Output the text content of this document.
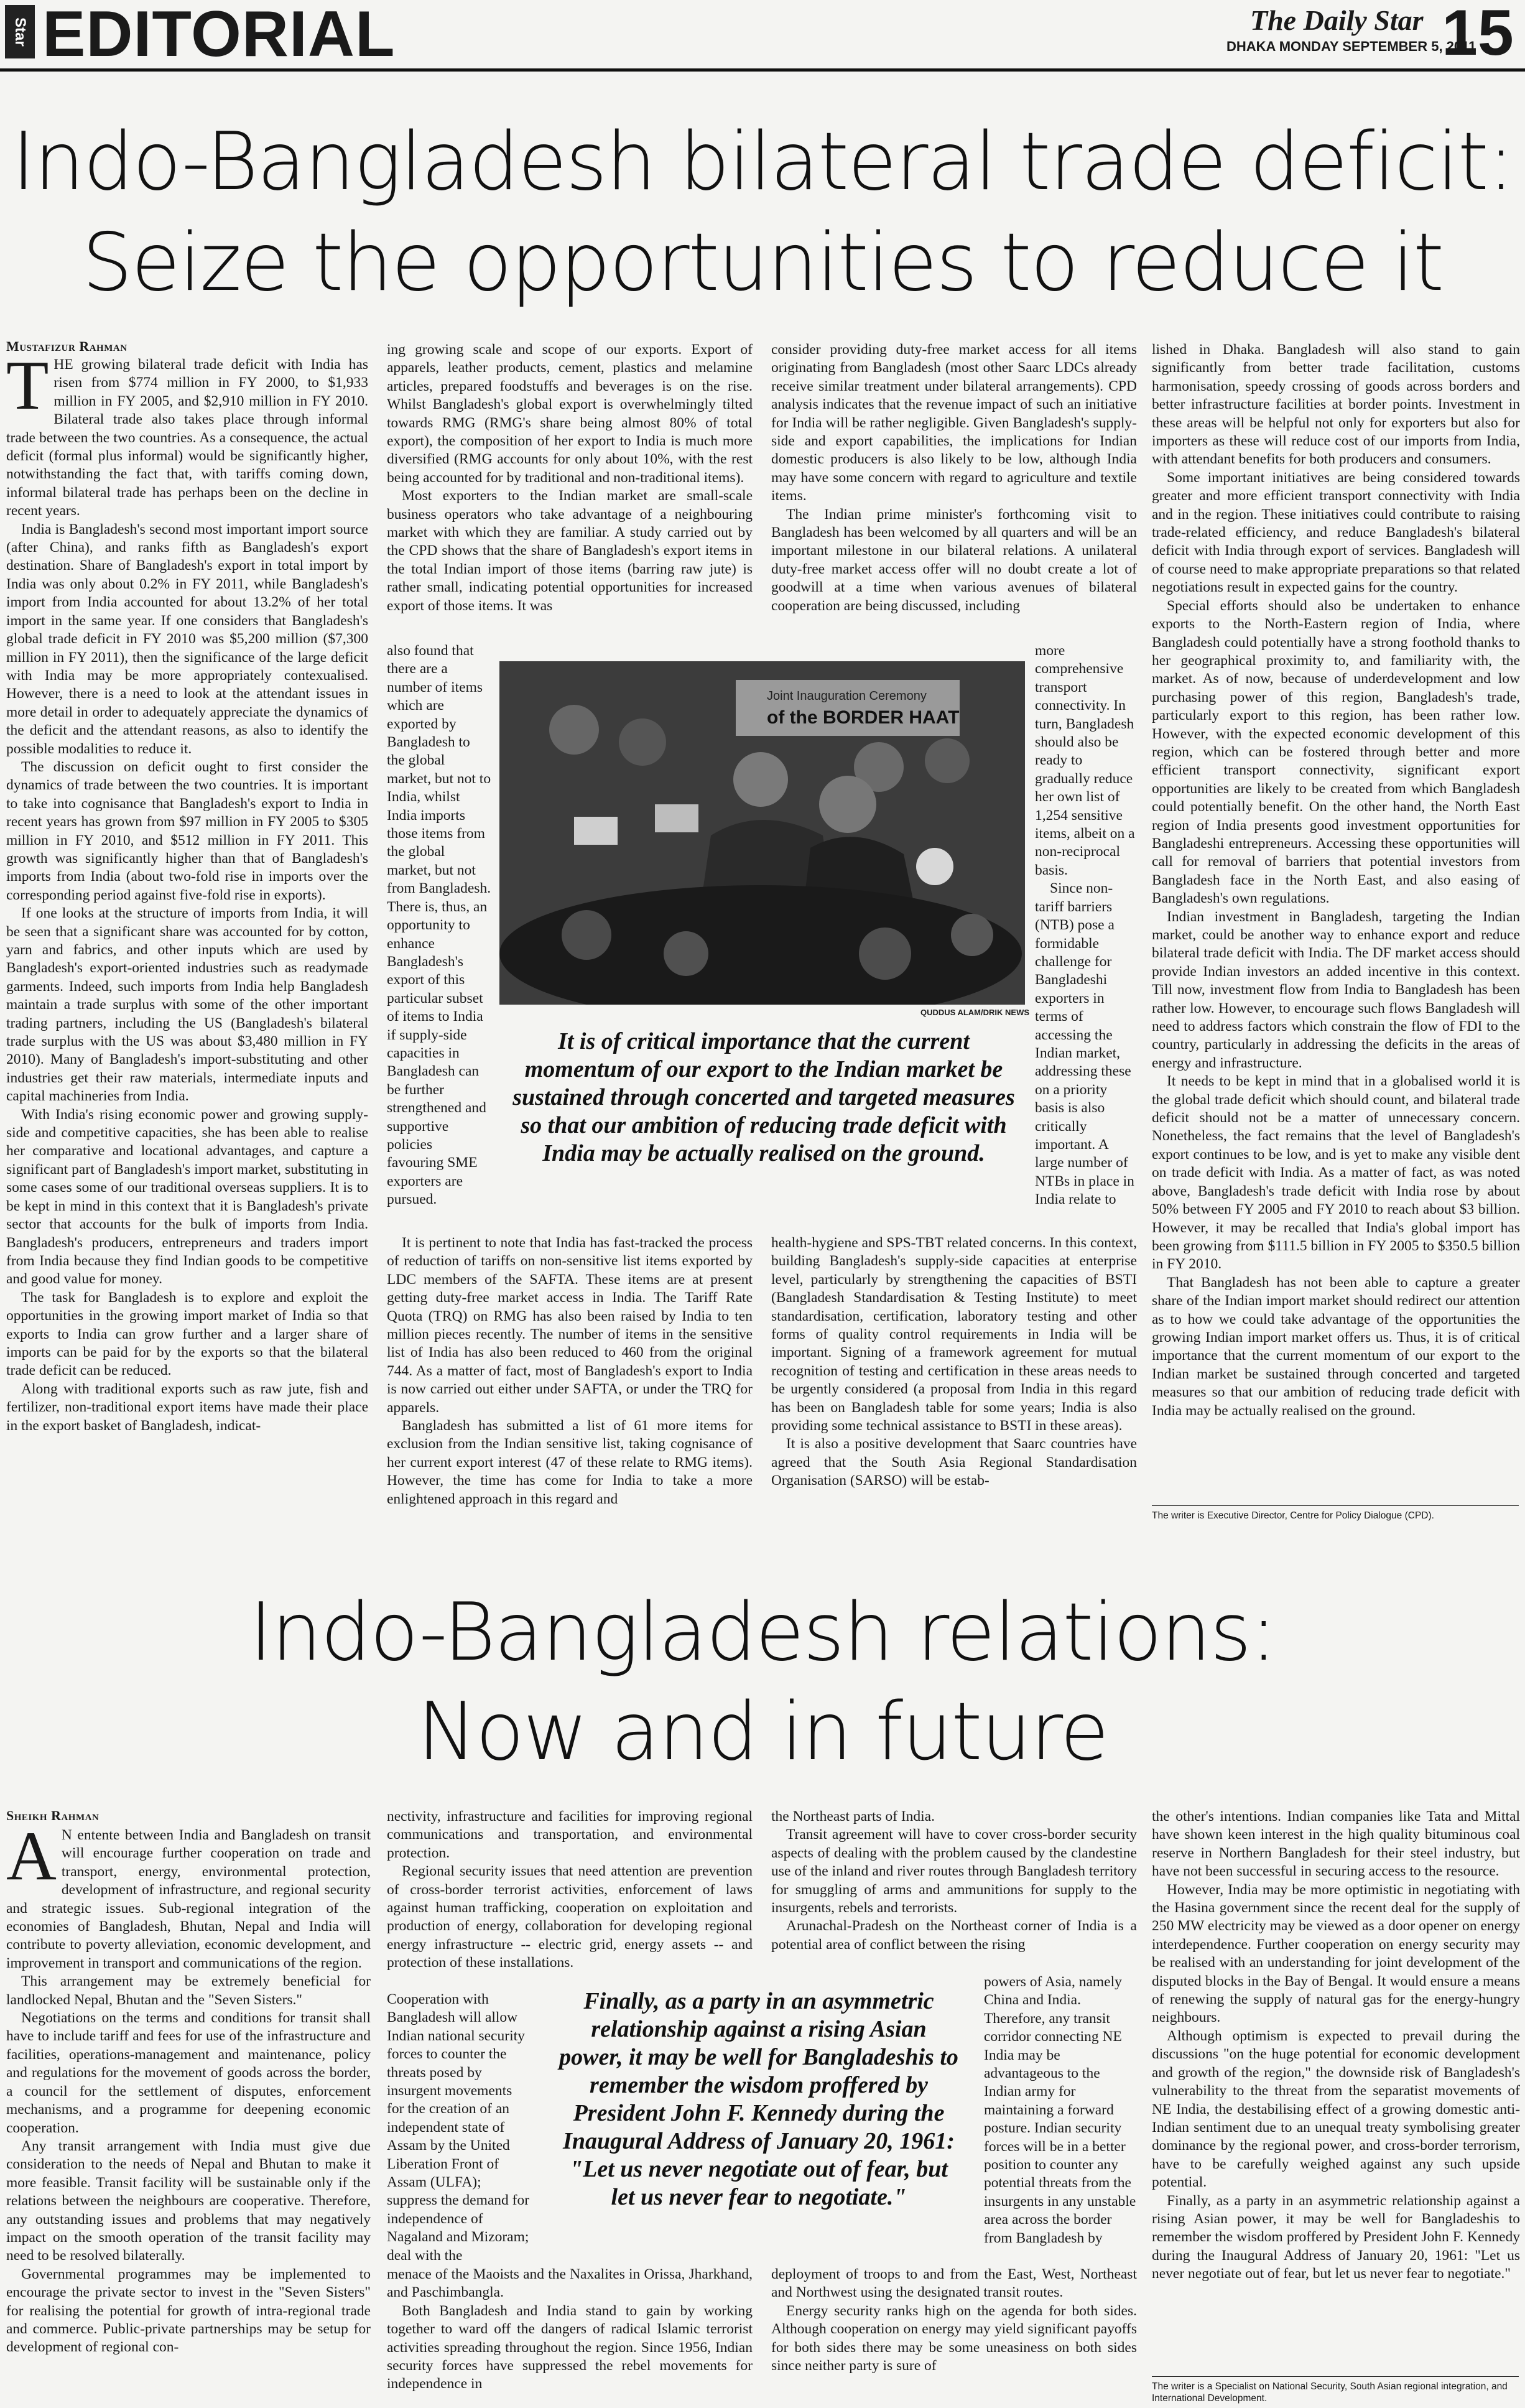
Star EDITORIAL	The Daily Star
DHAKA MONDAY SEPTEMBER 5, 2011
15
Indo-Bangladesh bilateral trade deficit:
Seize the opportunities to reduce it
Mustafizur Rahman

THE growing bilateral trade deficit with India has risen from $774 million in FY 2000, to $1,933 million in FY 2005, and $2,910 million in FY 2010. Bilateral trade also takes place through informal trade between the two countries. As a consequence, the actual deficit (formal plus informal) would be significantly higher, notwithstanding the fact that, with tariffs coming down, informal bilateral trade has perhaps been on the decline in recent years.

India is Bangladesh's second most important import source (after China), and ranks fifth as Bangladesh's export destination. Share of Bangladesh's export in total import by India was only about 0.2% in FY 2011, while Bangladesh's import from India accounted for about 13.2% of her total import in the same year. If one considers that Bangladesh's global trade deficit in FY 2010 was $5,200 million ($7,300 million in FY 2011), then the significance of the large deficit with India may be more appropriately contexualised. However, there is a need to look at the attendant issues in more detail in order to adequately appreciate the dynamics of the deficit and the attendant reasons, as also to identify the possible modalities to reduce it.

The discussion on deficit ought to first consider the dynamics of trade between the two countries. It is important to take into cognisance that Bangladesh's export to India in recent years has grown from $97 million in FY 2005 to $305 million in FY 2010, and $512 million in FY 2011. This growth was significantly higher than that of Bangladesh's imports from India (about two-fold rise in imports over the corresponding period against five-fold rise in exports).

If one looks at the structure of imports from India, it will be seen that a significant share was accounted for by cotton, yarn and fabrics, and other inputs which are used by Bangladesh's export-oriented industries such as readymade garments. Indeed, such imports from India help Bangladesh maintain a trade surplus with some of the other important trading partners, including the US (Bangladesh's bilateral trade surplus with the US was about $3,480 million in FY 2010). Many of Bangladesh's import-substituting and other industries get their raw materials, intermediate inputs and capital machineries from India.

With India's rising economic power and growing supply-side and competitive capacities, she has been able to realise her comparative and locational advantages, and capture a significant part of Bangladesh's import market, substituting in some cases some of our traditional overseas suppliers. It is to be kept in mind in this context that it is Bangladesh's private sector that accounts for the bulk of imports from India. Bangladesh's producers, entrepreneurs and traders import from India because they find Indian goods to be competitive and good value for money.

The task for Bangladesh is to explore and exploit the opportunities in the growing import market of India so that exports to India can grow further and a larger share of imports can be paid for by the exports so that the bilateral trade deficit can be reduced.

Along with traditional exports such as raw jute, fish and fertilizer, non-traditional export items have made their place in the export basket of Bangladesh, indicat-

ing growing scale and scope of our exports. Export of apparels, leather products, cement, plastics and melamine articles, prepared foodstuffs and beverages is on the rise. Whilst Bangladesh's global export is overwhelmingly tilted towards RMG (RMG's share being almost 80% of total export), the composition of her export to India is much more diversified (RMG accounts for only about 10%, with the rest being accounted for by traditional and non-traditional items).

Most exporters to the Indian market are small-scale business operators who take advantage of a neighbouring market with which they are familiar. A study carried out by the CPD shows that the share of Bangladesh's export items in the total Indian import of those items (barring raw jute) is rather small, indicating potential opportunities for increased export of those items. It was

also found that there are a number of items which are exported by Bangladesh to the global market, but not to India, whilst India imports those items from the global market, but not from Bangladesh. There is, thus, an opportunity to enhance Bangladesh's export of this particular subset of items to India if supply-side capacities in Bangladesh can be further strengthened and supportive policies favouring SME exporters are pursued.

It is pertinent to note that India has fast-tracked the process of reduction of tariffs on non-sensitive list items exported by LDC members of the SAFTA. These items are at present getting duty-free market access in India. The Tariff Rate Quota (TRQ) on RMG has also been raised by India to ten million pieces recently. The number of items in the sensitive list of India has also been reduced to 460 from the original 744. As a matter of fact, most of Bangladesh's export to India is now carried out either under SAFTA, or under the TRQ for apparels.

Bangladesh has submitted a list of 61 more items for exclusion from the Indian sensitive list, taking cognisance of her current export interest (47 of these relate to RMG items). However, the time has come for India to take a more enlightened approach in this regard and

consider providing duty-free market access for all items originating from Bangladesh (most other Saarc LDCs already receive similar treatment under bilateral arrangements). CPD analysis indicates that the revenue impact of such an initiative for India will be rather negligible. Given Bangladesh's supply-side and export capabilities, the implications for Indian domestic producers is also likely to be low, although India may have some concern with regard to agriculture and textile items.

The Indian prime minister's forthcoming visit to Bangladesh has been welcomed by all quarters and will be an important milestone in our bilateral relations. A unilateral duty-free market access offer will no doubt create a lot of goodwill at a time when various avenues of bilateral cooperation are being discussed, including

more comprehensive transport connectivity. In turn, Bangladesh should also be ready to gradually reduce her own list of 1,254 sensitive items, albeit on a non-reciprocal basis.

Since non-tariff barriers (NTB) pose a formidable challenge for Bangladeshi exporters in terms of accessing the Indian market, addressing these on a priority basis is also critically important. A large number of NTBs in place in India relate to

health-hygiene and SPS-TBT related concerns. In this context, building Bangladesh's supply-side capacities at enterprise level, particularly by strengthening the capacities of BSTI (Bangladesh Standardisation & Testing Institute) to meet standardisation, certification, laboratory testing and other forms of quality control requirements in India will be important. Signing of a framework agreement for mutual recognition of testing and certification in these areas needs to be urgently considered (a proposal from India in this regard has been on Bangladesh table for some years; India is also providing some technical assistance to BSTI in these areas).

It is also a positive development that Saarc countries have agreed that the South Asia Regional Standardisation Organisation (SARSO) will be estab-

lished in Dhaka. Bangladesh will also stand to gain significantly from better trade facilitation, customs harmonisation, speedy crossing of goods across borders and better infrastructure facilities at border points. Investment in these areas will be helpful not only for exporters but also for importers as these will reduce cost of our imports from India, with attendant benefits for both producers and consumers.

Some important initiatives are being considered towards greater and more efficient transport connectivity with India and in the region. These initiatives could contribute to raising trade-related efficiency, and reduce Bangladesh's bilateral deficit with India through export of services. Bangladesh will of course need to make appropriate preparations so that related negotiations result in expected gains for the country.

Special efforts should also be undertaken to enhance exports to the North-Eastern region of India, where Bangladesh could potentially have a strong foothold thanks to her geographical proximity to, and familiarity with, the market. As of now, because of underdevelopment and low purchasing power of this region, Bangladesh's trade, particularly export to this region, has been rather low. However, with the expected economic development of this region, which can be fostered through better and more efficient transport connectivity, significant export opportunities are likely to be created from which Bangladesh could potentially benefit. On the other hand, the North East region of India presents good investment opportunities for Bangladeshi entrepreneurs. Accessing these opportunities will call for removal of barriers that potential investors from Bangladesh face in the North East, and also easing of Bangladesh's own regulations.

Indian investment in Bangladesh, targeting the Indian market, could be another way to enhance export and reduce bilateral trade deficit with India. The DF market access should provide Indian investors an added incentive in this context. Till now, investment flow from India to Bangladesh has been rather low. However, to encourage such flows Bangladesh will need to address factors which constrain the flow of FDI to the country, particularly in addressing the deficits in the areas of energy and infrastructure.

It needs to be kept in mind that in a globalised world it is the global trade deficit which should count, and bilateral trade deficit should not be a matter of unnecessary concern. Nonetheless, the fact remains that the level of Bangladesh's export continues to be low, and is yet to make any visible dent on trade deficit with India. As a matter of fact, as was noted above, Bangladesh's trade deficit with India rose by about 50% between FY 2005 and FY 2010 to reach about $3 billion. However, it may be recalled that India's global import has been growing from $111.5 billion in FY 2005 to $350.5 billion in FY 2010.

That Bangladesh has not been able to capture a greater share of the Indian import market should redirect our attention as to how we could take advantage of the opportunities the growing Indian import market offers us. Thus, it is of critical importance that the current momentum of our export to the Indian market be sustained through concerted and targeted measures so that our ambition of reducing trade deficit with India may be actually realised on the ground.

Joint Inauguration Ceremony
of the BORDER HAAT
QUDDUS ALAM/DRIK NEWS
It is of critical importance that the current momentum of our export to the Indian market be sustained through concerted and targeted measures so that our ambition of reducing trade deficit with India may be actually realised on the ground.
The writer is Executive Director, Centre for Policy Dialogue (CPD).
Indo-Bangladesh relations:
Now and in future
Sheikh Rahman

A N entente between India and Bangladesh on transit will encourage further cooperation on trade and transport, energy, environmental protection, development of infrastructure, and regional security and strategic issues. Sub-regional integration of the economies of Bangladesh, Bhutan, Nepal and India will contribute to poverty alleviation, economic development, and improvement in transport and communications of the region.

This arrangement may be extremely beneficial for landlocked Nepal, Bhutan and the "Seven Sisters."

Negotiations on the terms and conditions for transit shall have to include tariff and fees for use of the infrastructure and facilities, operations-management and maintenance, policy and regulations for the movement of goods across the border, a council for the settlement of disputes, enforcement mechanisms, and a programme for deepening economic cooperation.

Any transit arrangement with India must give due consideration to the needs of Nepal and Bhutan to make it more feasible. Transit facility will be sustainable only if the relations between the neighbours are cooperative. Therefore, any outstanding issues and problems that may negatively impact on the smooth operation of the transit facility may need to be resolved bilaterally.

Governmental programmes may be implemented to encourage the private sector to invest in the "Seven Sisters" for realising the potential for growth of intra-regional trade and commerce. Public-private partnerships may be setup for development of regional con-

nectivity, infrastructure and facilities for improving regional communications and transportation, and environmental protection.

Regional security issues that need attention are prevention of cross-border terrorist activities, enforcement of laws against human trafficking, cooperation on exploitation and production of energy, collaboration for developing regional energy infrastructure -- electric grid, energy assets -- and protection of these installations.

Cooperation with Bangladesh will allow Indian national security forces to counter the threats posed by insurgent movements for the creation of an independent state of Assam by the United Liberation Front of Assam (ULFA); suppress the demand for independence of Nagaland and Mizoram; deal with the

menace of the Maoists and the Naxalites in Orissa, Jharkhand, and Paschimbangla.

Both Bangladesh and India stand to gain by working together to ward off the dangers of radical Islamic terrorist activities spreading throughout the region. Since 1956, Indian security forces have suppressed the rebel movements for independence in

the Northeast parts of India.

Transit agreement will have to cover cross-border security aspects of dealing with the problem caused by the clandestine use of the inland and river routes through Bangladesh territory for smuggling of arms and ammunitions for supply to the insurgents, rebels and terrorists.

Arunachal-Pradesh on the Northeast corner of India is a potential area of conflict between the rising

powers of Asia, namely China and India. Therefore, any transit corridor connecting NE India may be advantageous to the Indian army for maintaining a forward posture. Indian security forces will be in a better position to counter any potential threats from the insurgents in any unstable area across the border from Bangladesh by

deployment of troops to and from the East, West, Northeast and Northwest using the designated transit routes.

Energy security ranks high on the agenda for both sides. Although cooperation on energy may yield significant payoffs for both sides there may be some uneasiness on both sides since neither party is sure of

the other's intentions. Indian companies like Tata and Mittal have shown keen interest in the high quality bituminous coal reserve in Northern Bangladesh for their steel industry, but have not been successful in securing access to the resource.

However, India may be more optimistic in negotiating with the Hasina government since the recent deal for the supply of 250 MW electricity may be viewed as a door opener on energy interdependence. Further cooperation on energy security may be realised with an understanding for joint development of the disputed blocks in the Bay of Bengal. It would ensure a means of renewing the supply of natural gas for the energy-hungry neighbours.

Although optimism is expected to prevail during the discussions "on the huge potential for economic development and growth of the region," the downside risk of Bangladesh's vulnerability to the threat from the separatist movements of NE India, the destabilising effect of a growing domestic anti-Indian sentiment due to an unequal treaty symbolising greater dominance by the regional power, and cross-border terrorism, have to be carefully weighed against any such upside potential.

Finally, as a party in an asymmetric relationship against a rising Asian power, it may be well for Bangladeshis to remember the wisdom proffered by President John F. Kennedy during the Inaugural Address of January 20, 1961: "Let us never negotiate out of fear, but let us never fear to negotiate."

Finally, as a party in an asymmetric relationship against a rising Asian power, it may be well for Bangladeshis to remember the wisdom proffered by President John F. Kennedy during the Inaugural Address of January 20, 1961: "Let us never negotiate out of fear, but let us never fear to negotiate."
The writer is a Specialist on National Security, South Asian regional integration, and International Development.
